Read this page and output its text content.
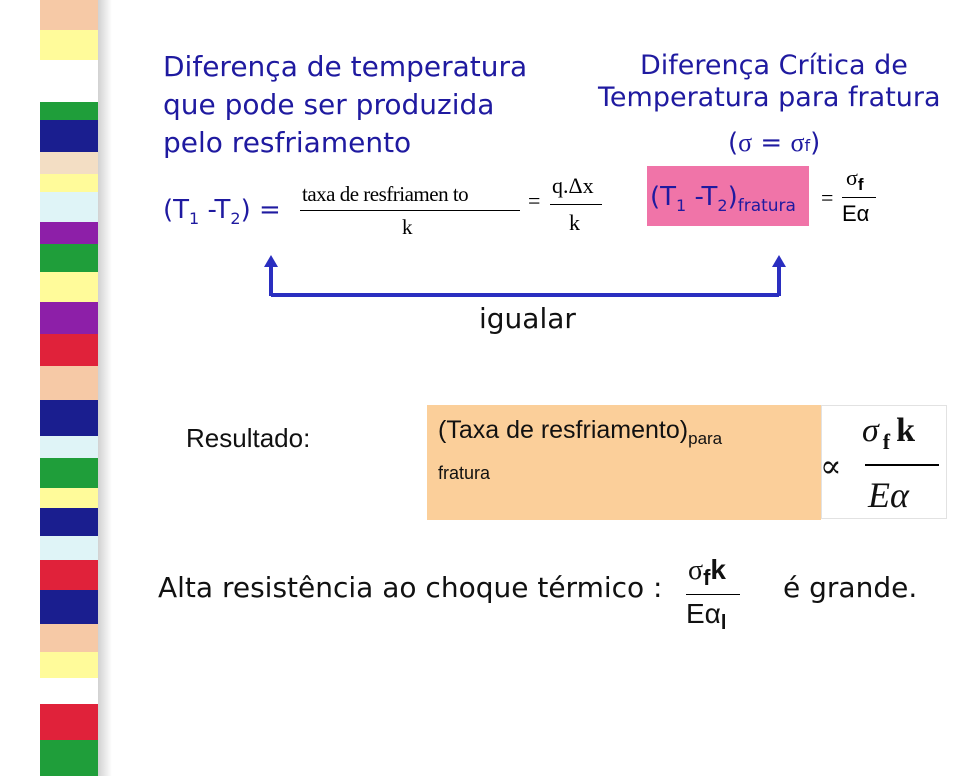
Diferença de temperatura
que pode ser produzida
pelo resfriamento
Diferença Crítica de
Temperatura para fratura
(σ = σf)
($T_1$ $-T_2$) =
taxa de resfriamen to
k
=
q.Δx
k
($T_1$ $-T_2)_{fratura}$ =
$\sigma_f$
Eα
igualar
Resultado:	(Taxa de $resfriamento)_{para}$
fratura	∝
σ $_f$ k
Eα
Alta resistência ao choque térmico :
$\sigma_fk$
$E\alpha_l$
é grande.
